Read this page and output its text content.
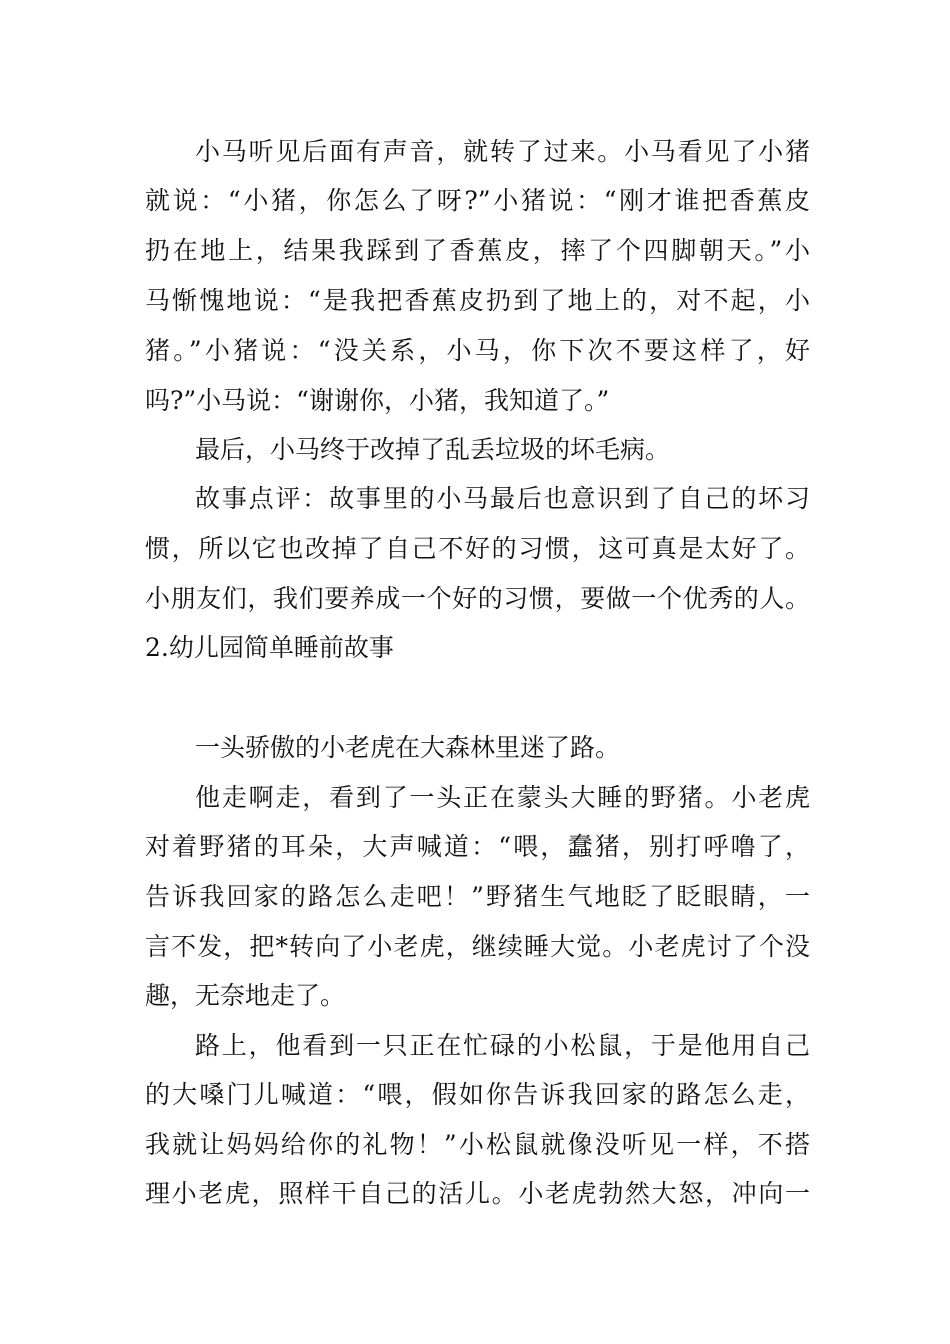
小马听见后面有声音，就转了过来。小马看见了小猪
就说：“小猪，你怎么了呀?”小猪说：“刚才谁把香蕉皮
扔在地上，结果我踩到了香蕉皮，摔了个四脚朝天。”小
马惭愧地说：“是我把香蕉皮扔到了地上的，对不起，小
猪。”小猪说：“没关系，小马，你下次不要这样了，好
吗?”小马说：“谢谢你，小猪，我知道了。”
最后，小马终于改掉了乱丢垃圾的坏毛病。
故事点评：故事里的小马最后也意识到了自己的坏习
惯，所以它也改掉了自己不好的习惯，这可真是太好了。
小朋友们，我们要养成一个好的习惯，要做一个优秀的人。
2.幼儿园简单睡前故事
一头骄傲的小老虎在大森林里迷了路。
他走啊走，看到了一头正在蒙头大睡的野猪。小老虎
对着野猪的耳朵，大声喊道：“喂，蠢猪，别打呼噜了，
告诉我回家的路怎么走吧！”野猪生气地眨了眨眼睛，一
言不发，把*转向了小老虎，继续睡大觉。小老虎讨了个没
趣，无奈地走了。
路上，他看到一只正在忙碌的小松鼠，于是他用自己
的大嗓门儿喊道：“喂，假如你告诉我回家的路怎么走，
我就让妈妈给你的礼物！”小松鼠就像没听见一样，不搭
理小老虎，照样干自己的活儿。小老虎勃然大怒，冲向一
